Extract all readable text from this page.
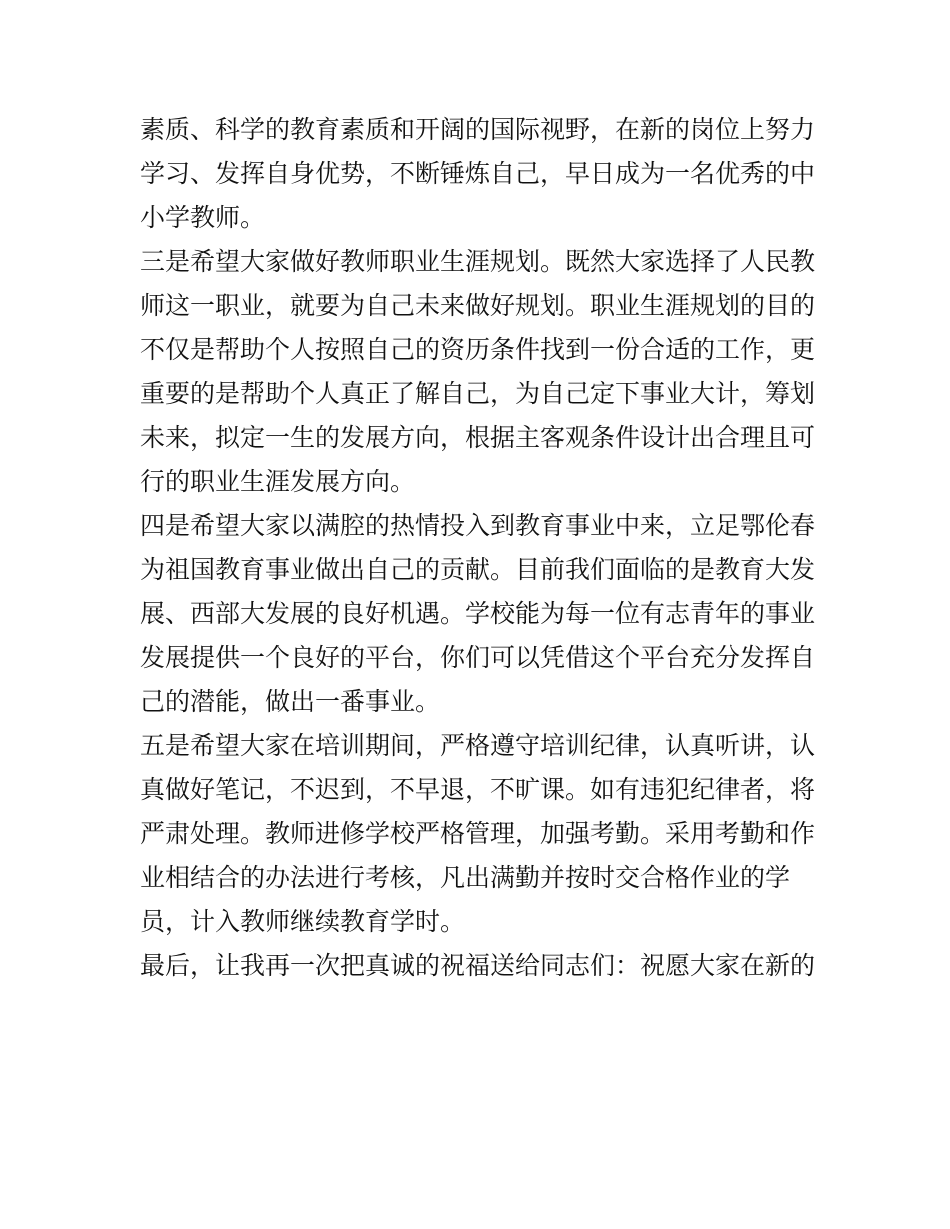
素质、科学的教育素质和开阔的国际视野，在新的岗位上努力
学习、发挥自身优势，不断锤炼自己，早日成为一名优秀的中
小学教师。
三是希望大家做好教师职业生涯规划。既然大家选择了人民教
师这一职业，就要为自己未来做好规划。职业生涯规划的目的
不仅是帮助个人按照自己的资历条件找到一份合适的工作，更
重要的是帮助个人真正了解自己，为自己定下事业大计，筹划
未来，拟定一生的发展方向，根据主客观条件设计出合理且可
行的职业生涯发展方向。
四是希望大家以满腔的热情投入到教育事业中来，立足鄂伦春
为祖国教育事业做出自己的贡献。目前我们面临的是教育大发
展、西部大发展的良好机遇。学校能为每一位有志青年的事业
发展提供一个良好的平台，你们可以凭借这个平台充分发挥自
己的潜能，做出一番事业。
五是希望大家在培训期间，严格遵守培训纪律，认真听讲，认
真做好笔记，不迟到，不早退，不旷课。如有违犯纪律者，将
严肃处理。教师进修学校严格管理，加强考勤。采用考勤和作
业相结合的办法进行考核，凡出满勤并按时交合格作业的学
员，计入教师继续教育学时。
最后，让我再一次把真诚的祝福送给同志们：祝愿大家在新的
